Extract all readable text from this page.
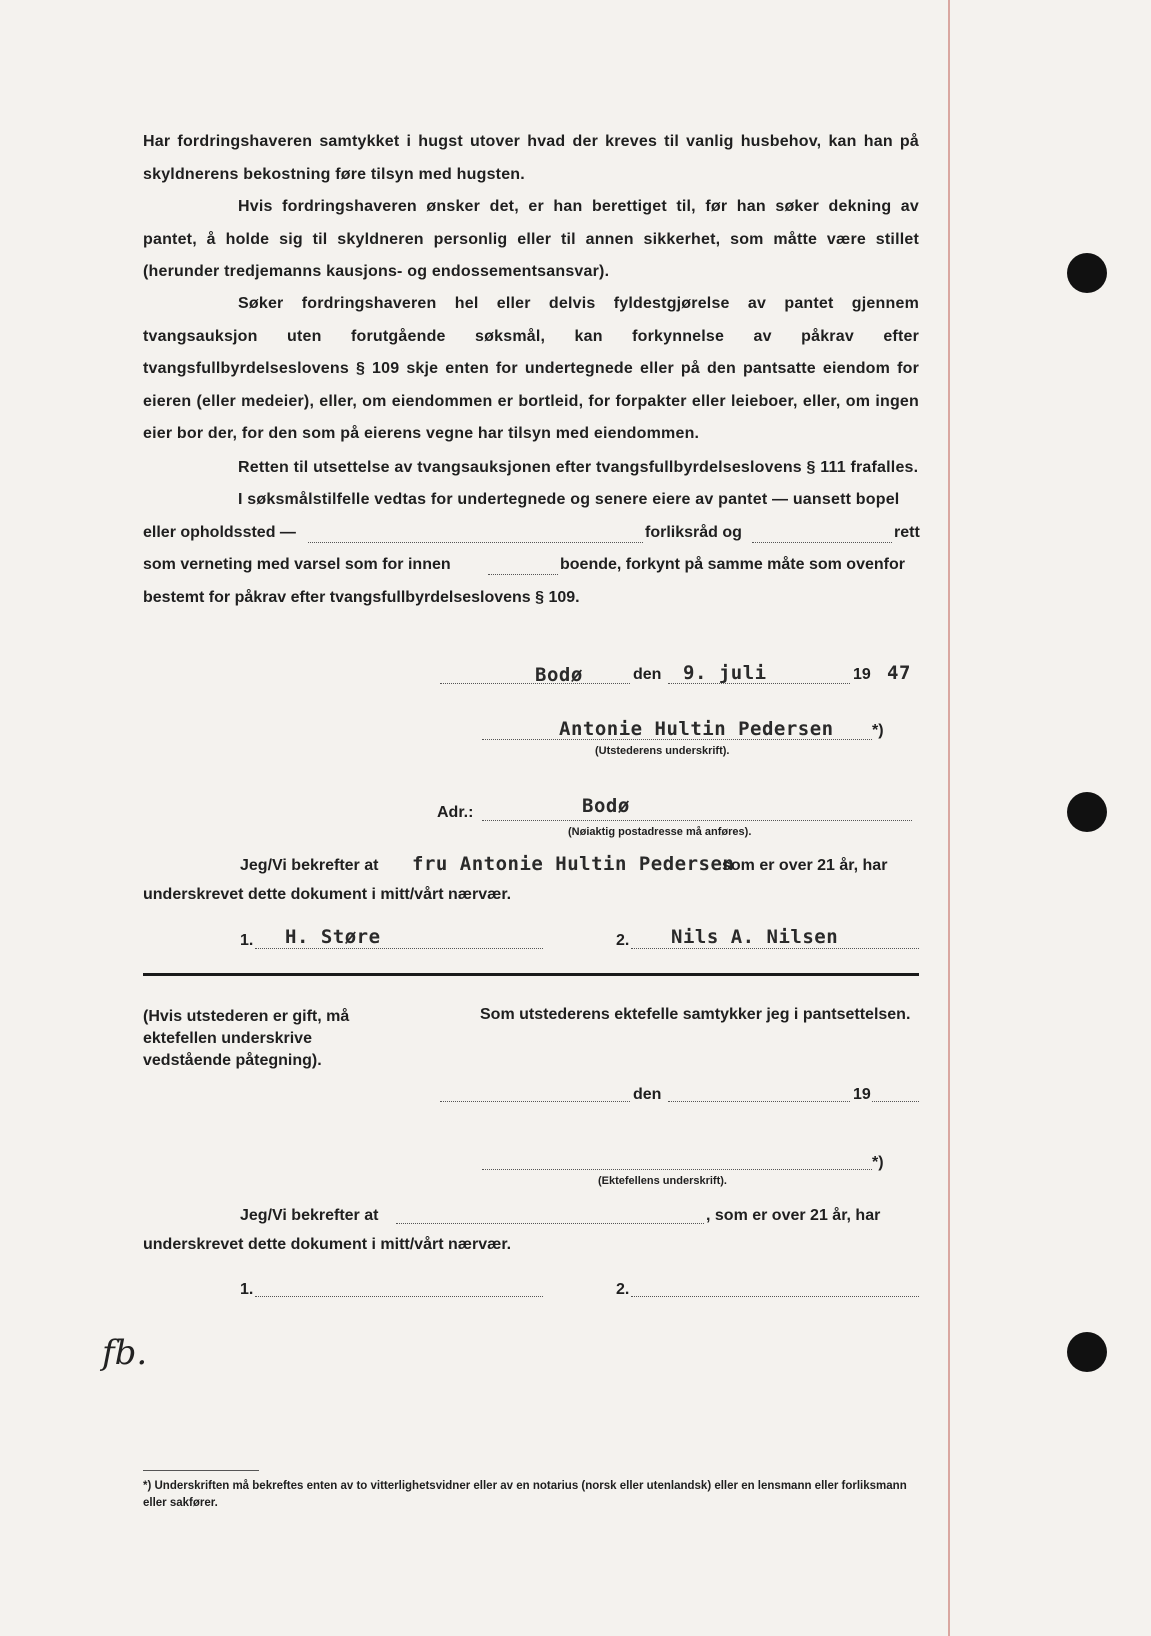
Har fordringshaveren samtykket i hugst utover hvad der kreves til vanlig husbehov, kan han på skyldnerens bekostning føre tilsyn med hugsten.
Hvis fordringshaveren ønsker det, er han berettiget til, før han søker dekning av pantet, å holde sig til skyldneren personlig eller til annen sikkerhet, som måtte være stillet (herunder tredjemanns kausjons- og endossementsansvar).
Søker fordringshaveren hel eller delvis fyldestgjørelse av pantet gjennem tvangsauksjon uten forutgående søksmål, kan forkynnelse av påkrav efter tvangsfullbyrdelseslovens § 109 skje enten for undertegnede eller på den pantsatte eiendom for eieren (eller medeier), eller, om eiendommen er bortleid, for forpakter eller leieboer, eller, om ingen eier bor der, for den som på eierens vegne har tilsyn med eiendommen.
Retten til utsettelse av tvangsauksjonen efter tvangsfullbyrdelseslovens § 111 frafalles.
I søksmålstilfelle vedtas for undertegnede og senere eiere av pantet — uansett bopel
eller opholdssted —	forliksråd og	rett
som verneting med varsel som for innen	boende, forkynt på samme måte som ovenfor
bestemt for påkrav efter tvangsfullbyrdelseslovens § 109.
Bodø	den 9. juli	19 47
Antonie Hultin Pedersen *)
(Utstederens underskrift).
Adr.:	Bodø
(Nøiaktig postadresse må anføres).
Jeg/Vi bekrefter at fru Antonie Hultin Pedersen
som er over 21 år, har
underskrevet dette dokument i mitt/vårt nærvær.
1. H. Støre	2. Nils A. Nilsen
(Hvis utstederen er gift, må ektefellen underskrive vedstående påtegning).
Som utstederens ektefelle samtykker jeg i pantsettelsen.
den	19
*)
(Ektefellens underskrift).
Jeg/Vi bekrefter at	, som er over 21 år, har
underskrevet dette dokument i mitt/vårt nærvær.
1.	2.
fb.
*) Underskriften må bekreftes enten av to vitterlighetsvidner eller av en notarius (norsk eller utenlandsk) eller en lensmann eller forliksmann eller sakfører.
